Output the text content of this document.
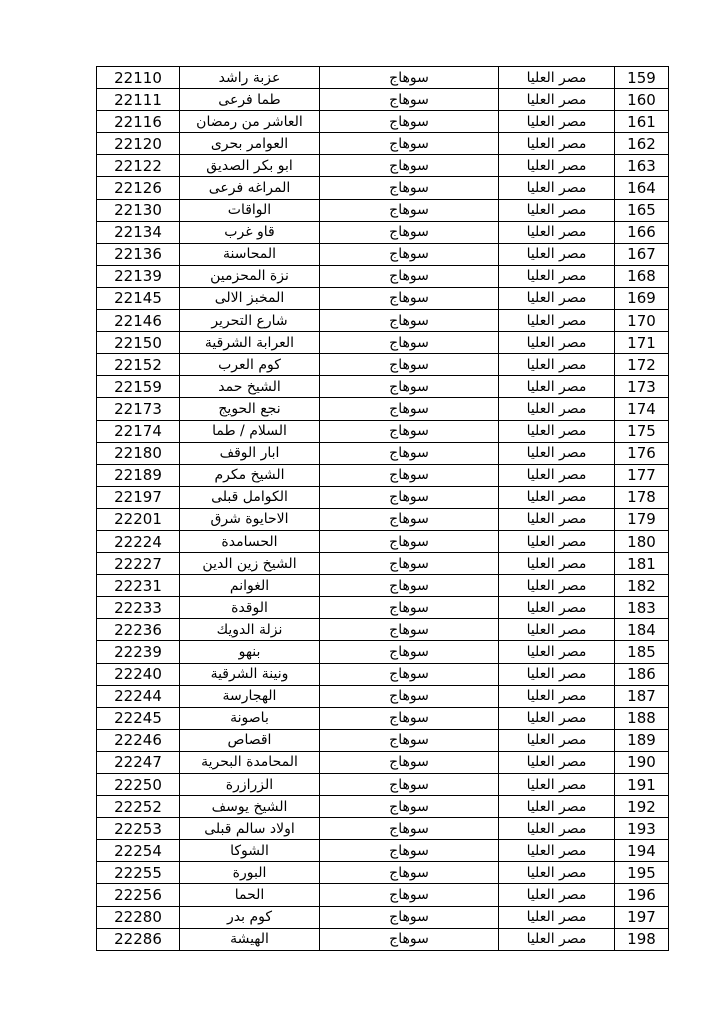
22110	عزبة راشد	سوهاج	مصر العليا	159
22111	طما فرعى	سوهاج	مصر العليا	160
22116	العاشر من رمضان	سوهاج	مصر العليا	161
22120	العوامر بحرى	سوهاج	مصر العليا	162
22122	ابو بكر الصديق	سوهاج	مصر العليا	163
22126	المراغه فرعى	سوهاج	مصر العليا	164
22130	الواقات	سوهاج	مصر العليا	165
22134	قاو غرب	سوهاج	مصر العليا	166
22136	المحاسنة	سوهاج	مصر العليا	167
22139	نزة المحزمين	سوهاج	مصر العليا	168
22145	المخبز الالى	سوهاج	مصر العليا	169
22146	شارع التحرير	سوهاج	مصر العليا	170
22150	العرابة الشرقية	سوهاج	مصر العليا	171
22152	كوم العرب	سوهاج	مصر العليا	172
22159	الشيخ حمد	سوهاج	مصر العليا	173
22173	نجع الحويج	سوهاج	مصر العليا	174
22174	السلام / طما	سوهاج	مصر العليا	175
22180	ابار الوقف	سوهاج	مصر العليا	176
22189	الشيخ مكرم	سوهاج	مصر العليا	177
22197	الكوامل قبلى	سوهاج	مصر العليا	178
22201	الاحايوة شرق	سوهاج	مصر العليا	179
22224	الحسامدة	سوهاج	مصر العليا	180
22227	الشيخ زين الدين	سوهاج	مصر العليا	181
22231	الغوانم	سوهاج	مصر العليا	182
22233	الوقدة	سوهاج	مصر العليا	183
22236	نزلة الدويك	سوهاج	مصر العليا	184
22239	بنهو	سوهاج	مصر العليا	185
22240	ونينة الشرقية	سوهاج	مصر العليا	186
22244	الهجارسة	سوهاج	مصر العليا	187
22245	باصونة	سوهاج	مصر العليا	188
22246	اقصاص	سوهاج	مصر العليا	189
22247	المحامدة البحرية	سوهاج	مصر العليا	190
22250	الزرازرة	سوهاج	مصر العليا	191
22252	الشيخ يوسف	سوهاج	مصر العليا	192
22253	اولاد سالم قبلى	سوهاج	مصر العليا	193
22254	الشوكا	سوهاج	مصر العليا	194
22255	البورة	سوهاج	مصر العليا	195
22256	الحما	سوهاج	مصر العليا	196
22280	كوم بدر	سوهاج	مصر العليا	197
22286	الهيشة	سوهاج	مصر العليا	198
